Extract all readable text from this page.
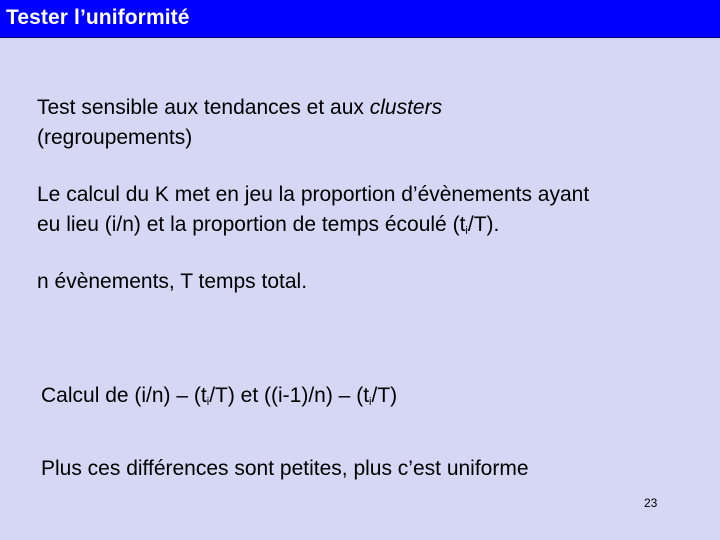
Tester l’uniformité
Test sensible aux tendances et aux clusters
(regroupements)
Le calcul du K met en jeu la proportion d’évènements ayant
eu lieu (i/n) et la proportion de temps écoulé $(t_i/T)$.
n évènements, T temps total.
Calcul de $(i/n) - (t_i/T)$ et $((i-1)/n) - (t_i/T)$
Plus ces différences sont petites, plus c’est uniforme
23
